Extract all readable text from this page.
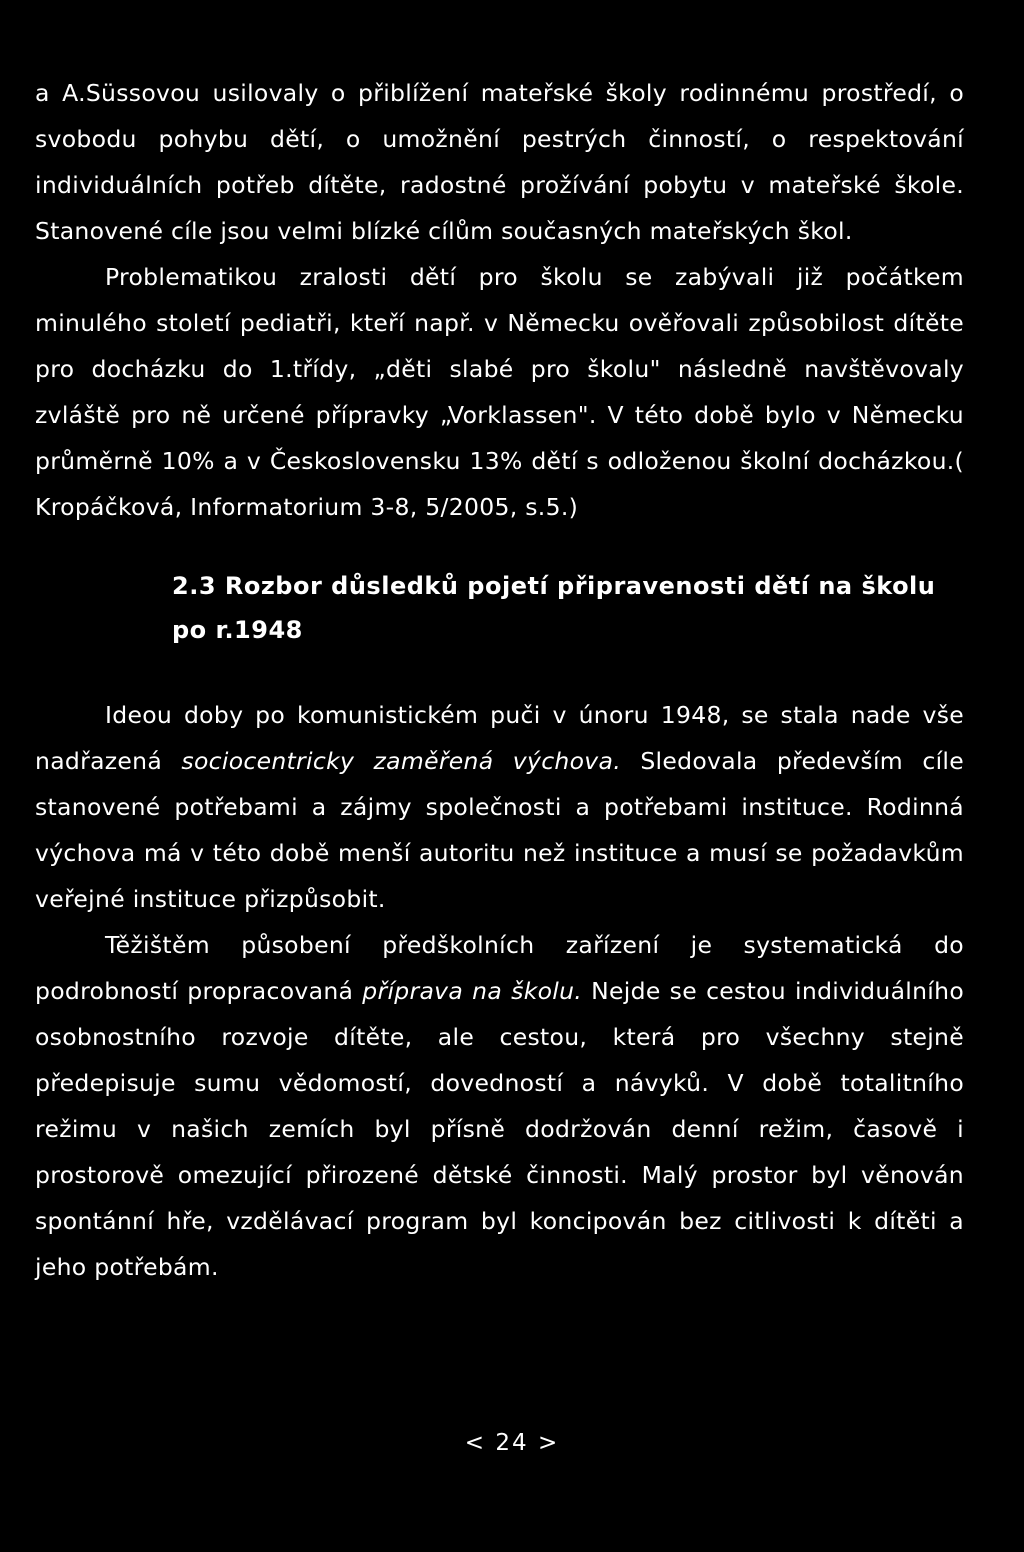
a A.Süssovou usilovaly o přiblížení mateřské školy rodinnému prostředí, o svobodu pohybu dětí, o umožnění pestrých činností, o respektování individuálních potřeb dítěte, radostné prožívání pobytu v mateřské škole. Stanovené cíle jsou velmi blízké cílům současných mateřských škol.

Problematikou zralosti dětí pro školu se zabývali již počátkem minulého století pediatři, kteří např. v Německu ověřovali způsobilost dítěte pro docházku do 1.třídy, „děti slabé pro školu" následně navštěvovaly zvláště pro ně určené přípravky „Vorklassen". V této době bylo v Německu průměrně 10% a v Československu 13% dětí s odloženou školní docházkou.( Kropáčková, Informatorium 3-8, 5/2005, s.5.)

2.3 Rozbor důsledků pojetí připravenosti dětí na školu
po r.1948

Ideou doby po komunistickém puči v únoru 1948, se stala nade vše nadřazená sociocentricky zaměřená výchova. Sledovala především cíle stanovené potřebami a zájmy společnosti a potřebami instituce. Rodinná výchova má v této době menší autoritu než instituce a musí se požadavkům veřejné instituce přizpůsobit.

Těžištěm působení předškolních zařízení je systematická do podrobností propracovaná příprava na školu. Nejde se cestou individuálního osobnostního rozvoje dítěte, ale cestou, která pro všechny stejně předepisuje sumu vědomostí, dovedností a návyků. V době totalitního režimu v našich zemích byl přísně dodržován denní režim, časově i prostorově omezující přirozené dětské činnosti. Malý prostor byl věnován spontánní hře, vzdělávací program byl koncipován bez citlivosti k dítěti a jeho potřebám.

< 24 >
